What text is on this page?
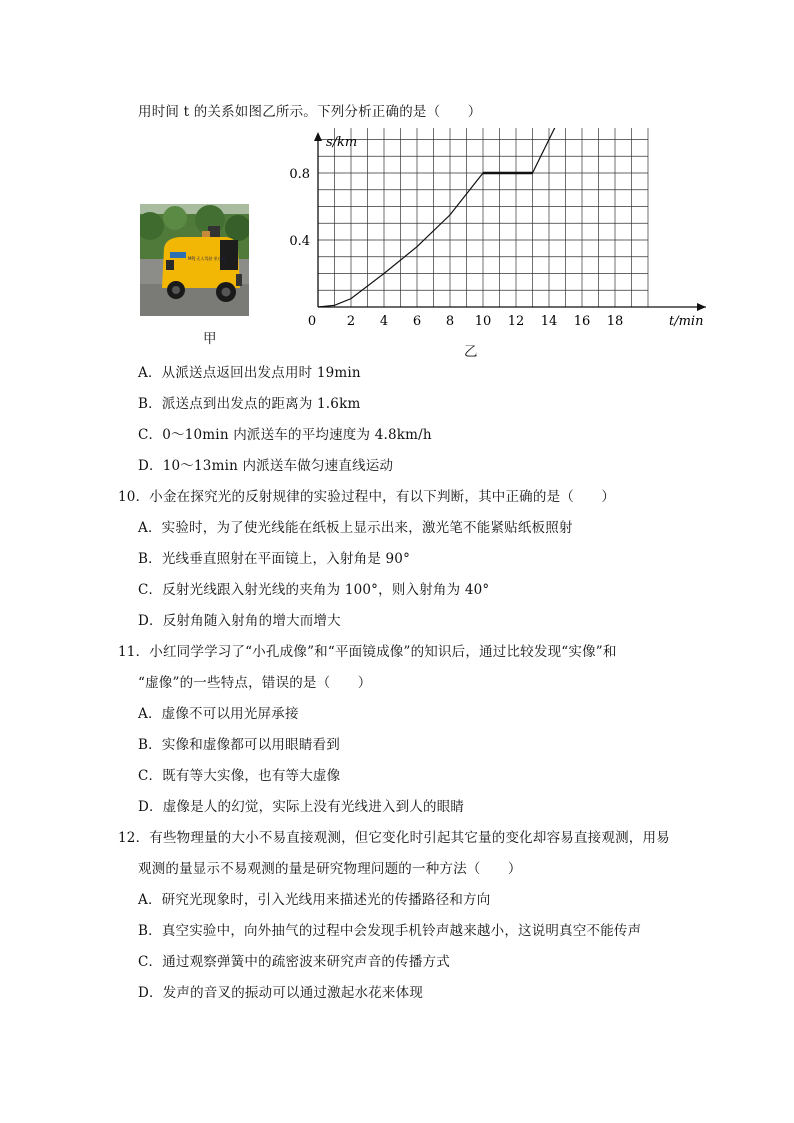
用时间 t 的关系如图乙所示。下列分析正确的是（　　）
MPJ 无人驾驶 更心选
甲
0 2 4 6 8 10 12 14 16 18
0.4
0.8
s/km
t/min
乙
A．从派送点返回出发点用时 19min
B．派送点到出发点的距离为 1.6km
C．0～10min 内派送车的平均速度为 4.8km/h
D．10～13min 内派送车做匀速直线运动
10．小金在探究光的反射规律的实验过程中，有以下判断，其中正确的是（　　）
A．实验时，为了使光线能在纸板上显示出来，激光笔不能紧贴纸板照射
B．光线垂直照射在平面镜上，入射角是 90°
C．反射光线跟入射光线的夹角为 100°，则入射角为 40°
D．反射角随入射角的增大而增大
11．小红同学学习了“小孔成像”和“平面镜成像”的知识后，通过比较发现“实像”和
“虚像”的一些特点，错误的是（　　）
A．虚像不可以用光屏承接
B．实像和虚像都可以用眼睛看到
C．既有等大实像，也有等大虚像
D．虚像是人的幻觉，实际上没有光线进入到人的眼睛
12．有些物理量的大小不易直接观测，但它变化时引起其它量的变化却容易直接观测，用易
观测的量显示不易观测的量是研究物理问题的一种方法（　　）
A．研究光现象时，引入光线用来描述光的传播路径和方向
B．真空实验中，向外抽气的过程中会发现手机铃声越来越小，这说明真空不能传声
C．通过观察弹簧中的疏密波来研究声音的传播方式
D．发声的音叉的振动可以通过激起水花来体现
